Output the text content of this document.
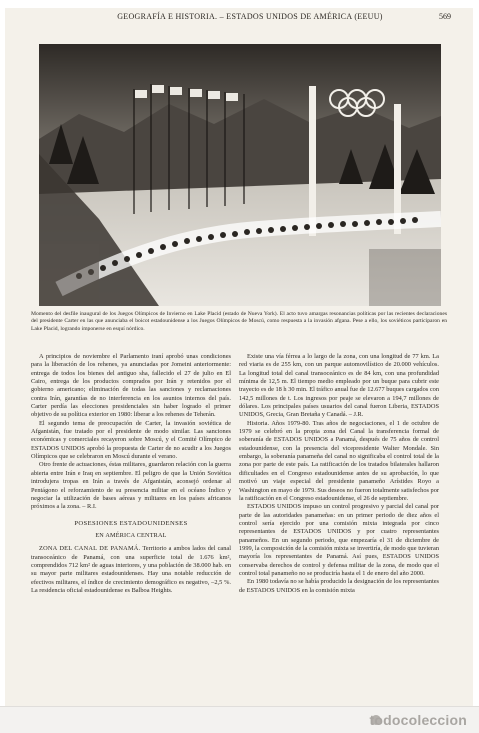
GEOGRAFÍA E HISTORIA. – ESTADOS UNIDOS DE AMÉRICA (EEUU)	569
Momento del desfile inaugural de los Juegos Olímpicos de Invierno en Lake Placid (estado de Nueva York). El acto tuvo amargas resonancias políticas por las recientes declaraciones del presidente Carter en las que anunciaba el boicot estadounidense a los Juegos Olímpicos de Moscú, como respuesta a la invasión afgana. Pese a ello, los soviéticos participaron en Lake Placid, logrando imponerse en esquí nórdico.

A principios de noviembre el Parlamento iraní aprobó unas condiciones para la liberación de los rehenes, ya anunciadas por Jomeini anteriormente: entrega de todos los bienes del antiguo sha, fallecido el 27 de julio en El Cairo, entrega de los productos comprados por Irán y retenidos por el gobierno americano; eliminación de todas las sanciones y reclamaciones contra Irán, garantías de no interferencia en los asuntos internos del país. Carter perdía las elecciones presidenciales sin haber logrado el primer objetivo de su política exterior en 1980: liberar a los rehenes de Teherán.

El segundo tema de preocupación de Carter, la invasión soviética de Afganistán, fue tratado por el presidente de modo similar. Las sanciones económicas y comerciales recayeron sobre Moscú, y el Comité Olímpico de ESTADOS UNIDOS aprobó la propuesta de Carter de no acudir a los Juegos Olímpicos que se celebraron en Moscú durante el verano.

Otro frente de actuaciones, éstas militares, guardaron relación con la guerra abierta entre Irán e Iraq en septiembre. El peligro de que la Unión Soviética introdujera tropas en Irán a través de Afganistán, aconsejó ordenar al Pentágono el reforzamiento de su presencia militar en el océano Índico y negociar la utilización de bases aéreas y militares en los países africanos próximos a la zona. – R.I.

POSESIONES ESTADOUNIDENSES
EN AMÉRICA CENTRAL

ZONA DEL CANAL DE PANAMÁ. Territorio a ambos lados del canal transoceánico de Panamá, con una superficie total de 1.676 km², comprendidos 712 km² de aguas interiores, y una población de 38.000 hab. en su mayor parte militares estadounidenses. Hay una notable reducción de efectivos militares, el índice de crecimiento demográfico es negativo, –2,5 %. La residencia oficial estadounidense es Balboa Heights.

Existe una vía férrea a lo largo de la zona, con una longitud de 77 km. La red viaria es de 255 km, con un parque automovilístico de 20.000 vehículos. La longitud total del canal transoceánico es de 84 km, con una profundidad mínima de 12,5 m. El tiempo medio empleado por un buque para cubrir este trayecto es de 18 h 30 min. El tráfico anual fue de 12.677 buques cargados con 142,5 millones de t. Los ingresos por peaje se elevaron a 194,7 millones de dólares. Los principales países usuarios del canal fueron Liberia, ESTADOS UNIDOS, Grecia, Gran Bretaña y Canadá. – J.R.

Historia. Años 1979-80. Tras años de negociaciones, el 1 de octubre de 1979 se celebró en la propia zona del Canal la transferencia formal de soberanía de ESTADOS UNIDOS a Panamá, después de 75 años de control estadounidense, con la presencia del vicepresidente Walter Mondale. Sin embargo, la soberanía panameña del canal no significaba el control total de la zona por parte de este país. La ratificación de los tratados bilaterales hallaron dificultades en el Congreso estadounidense antes de su aprobación, lo que motivó un viaje especial del presidente panameño Arístides Royo a Washington en mayo de 1979. Sus deseos no fueron totalmente satisfechos por la ratificación en el Congreso estadounidense, el 26 de septiembre.

ESTADOS UNIDOS impuso un control progresivo y parcial del canal por parte de las autoridades panameñas: en un primer periodo de diez años el control sería ejercido por una comisión mixta integrada por cinco representantes de ESTADOS UNIDOS y por cuatro representantes panameños. En un segundo periodo, que empezaría el 31 de diciembre de 1999, la composición de la comisión mixta se invertiría, de modo que tuvieran mayoría los representantes de Panamá. Así pues, ESTADOS UNIDOS conservaba derechos de control y defensa militar de la zona, de modo que el control total panameño no se produciría hasta el 1 de enero del año 2000.

En 1980 todavía no se había producido la designación de los representantes de ESTADOS UNIDOS en la comisión mixta

todocoleccion
